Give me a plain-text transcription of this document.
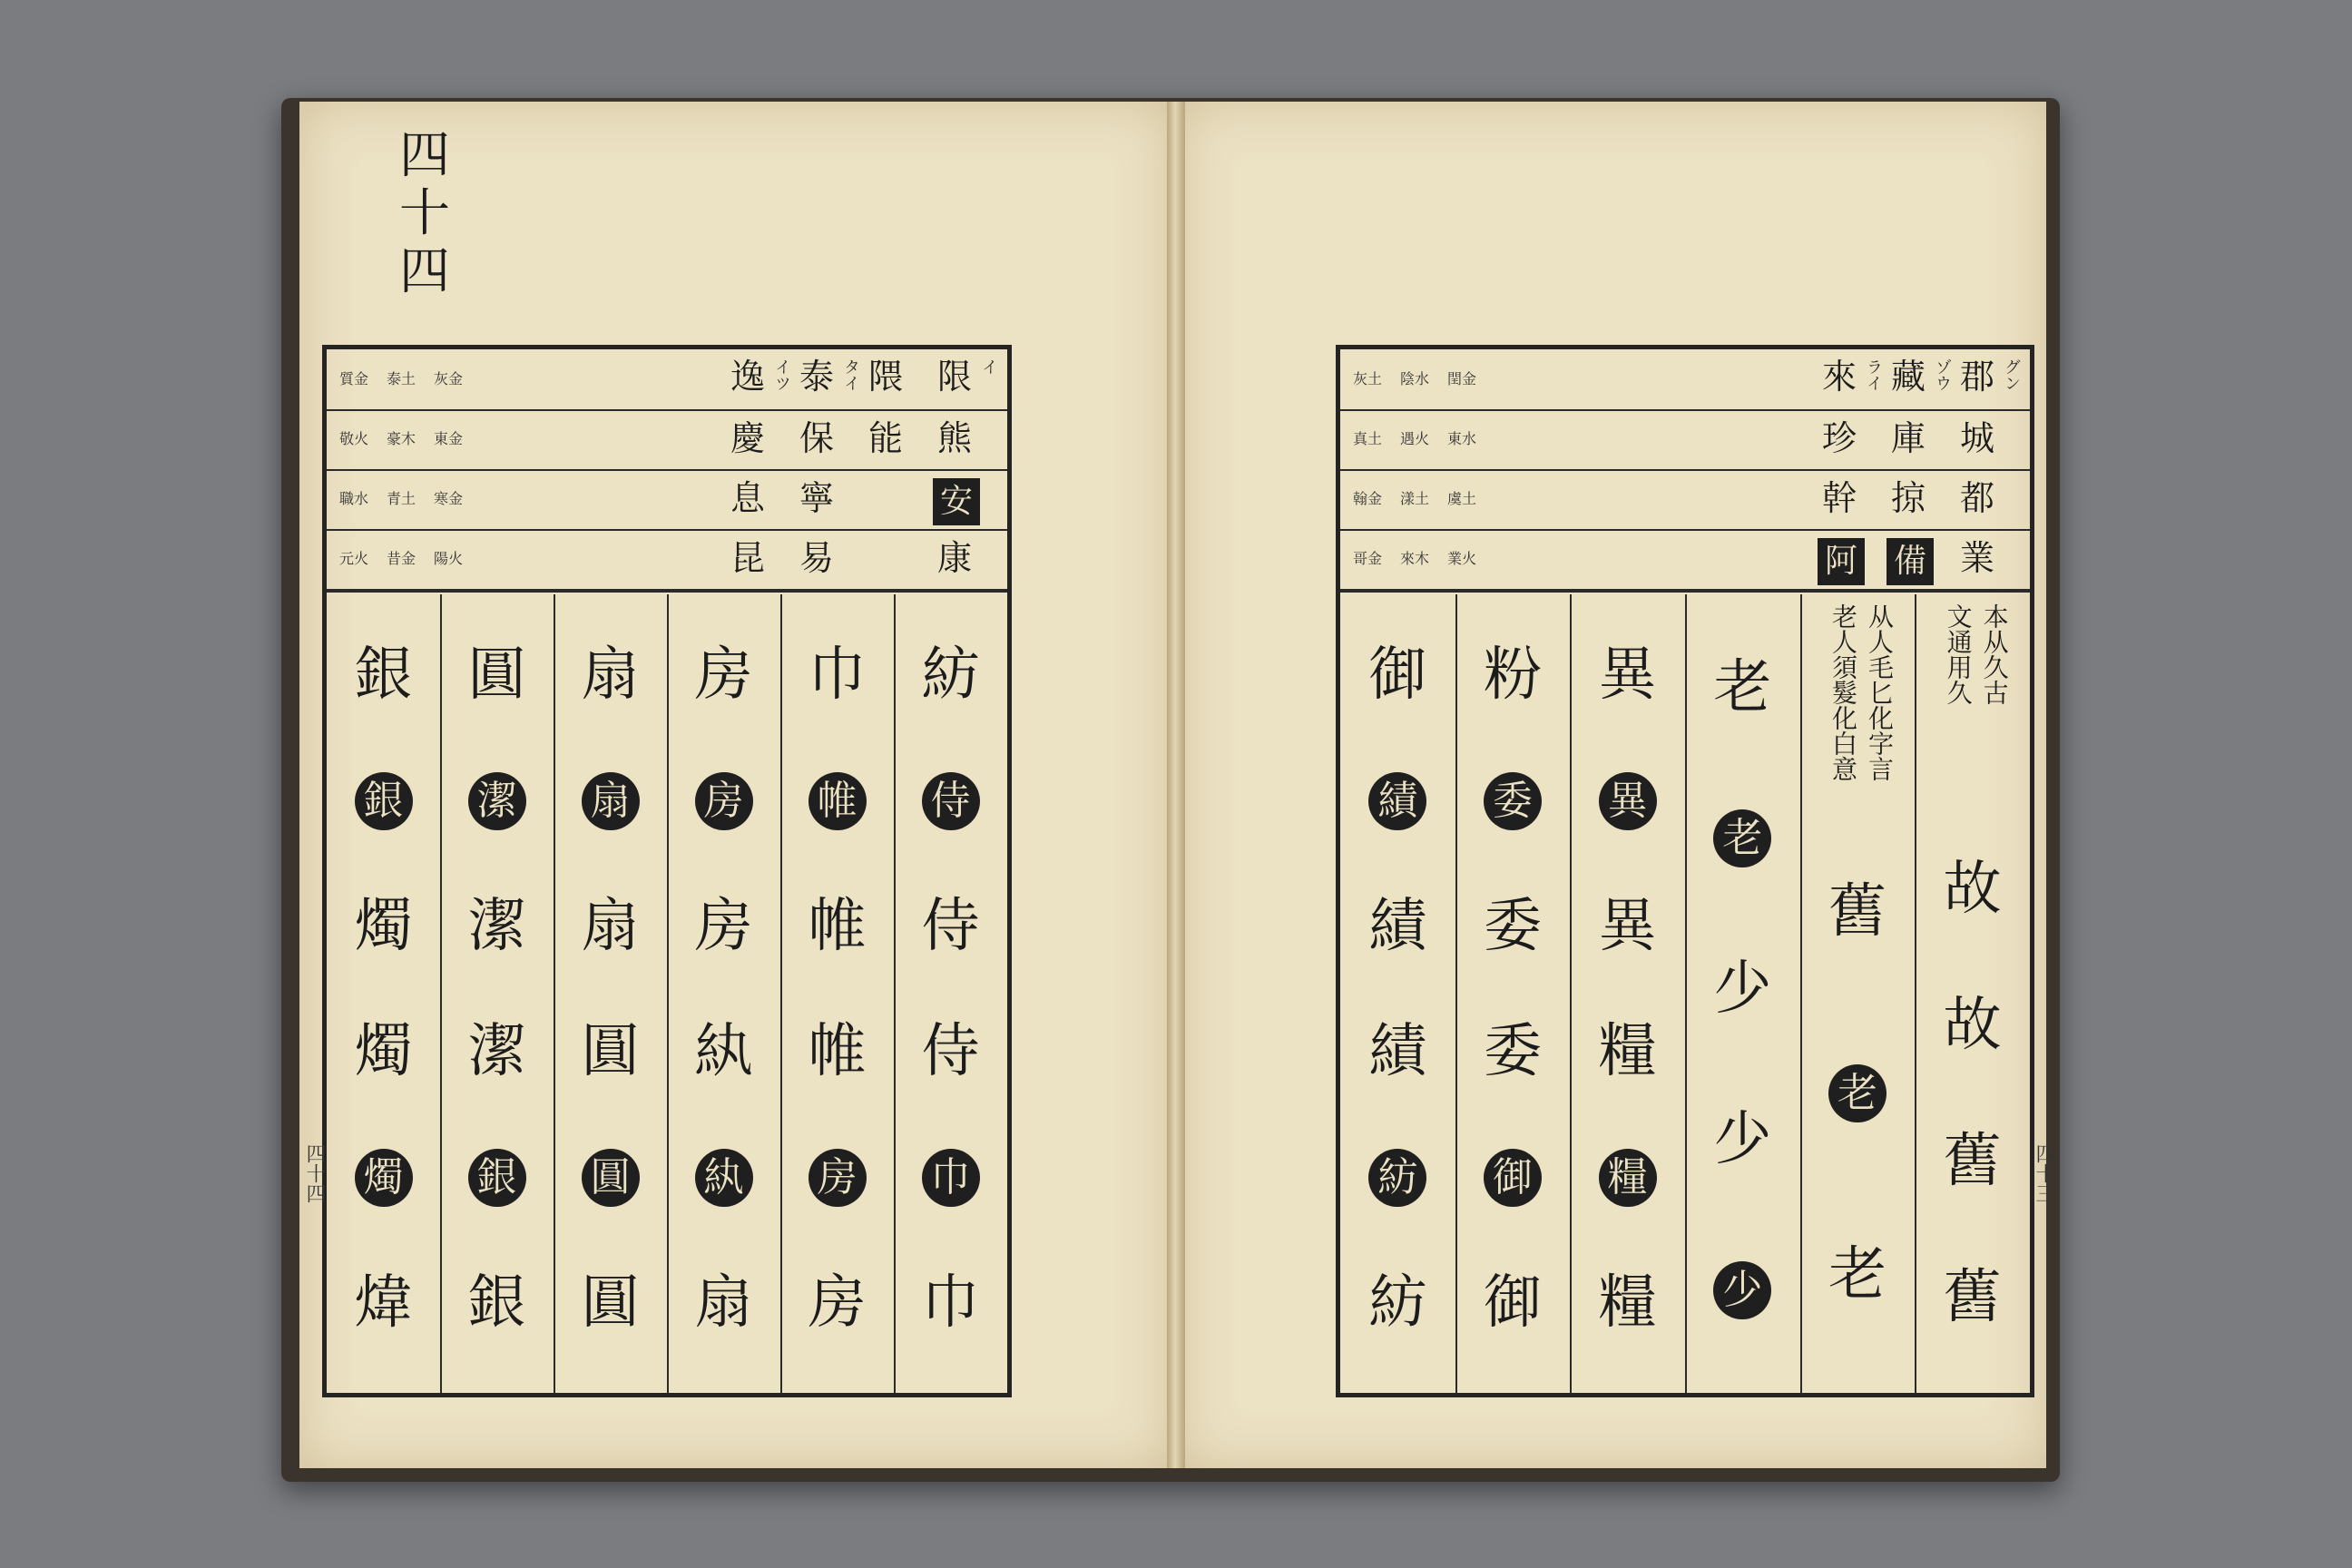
四
十
四
限 イ
熊
安
康
隈
能
泰 タイ
保
寧
易
逸 イツ
慶
息
昆
質金
敬火
職水
元火
泰土
豪木
青土
昔金
灰金
東金
寒金
陽火
郡 グン
城
都
業
藏 ゾウ
庫
掠
備
來 ライ
珍
幹
阿
灰土
真土
翰金
哥金
陰水
遇火
漾土
來木
閏金
東水
虞土
業火
紡
侍
侍
侍
巾
巾
巾
帷
帷
帷
房
房
房
房
房
紈
紈
扇
扇
扇
扇
圓
圓
圓
圓
潔
潔
潔
銀
銀
銀
銀
燭
燭
燭
煒
本从久古
文通用久
故
故
舊
舊
从人毛匕化字言
老人須髮化白意
舊
老
老
老
老
少
少
少
異
異
異
糧
糧
糧
粉
委
委
委
御
御
御
績
績
績
紡
紡
四十四	四十三
